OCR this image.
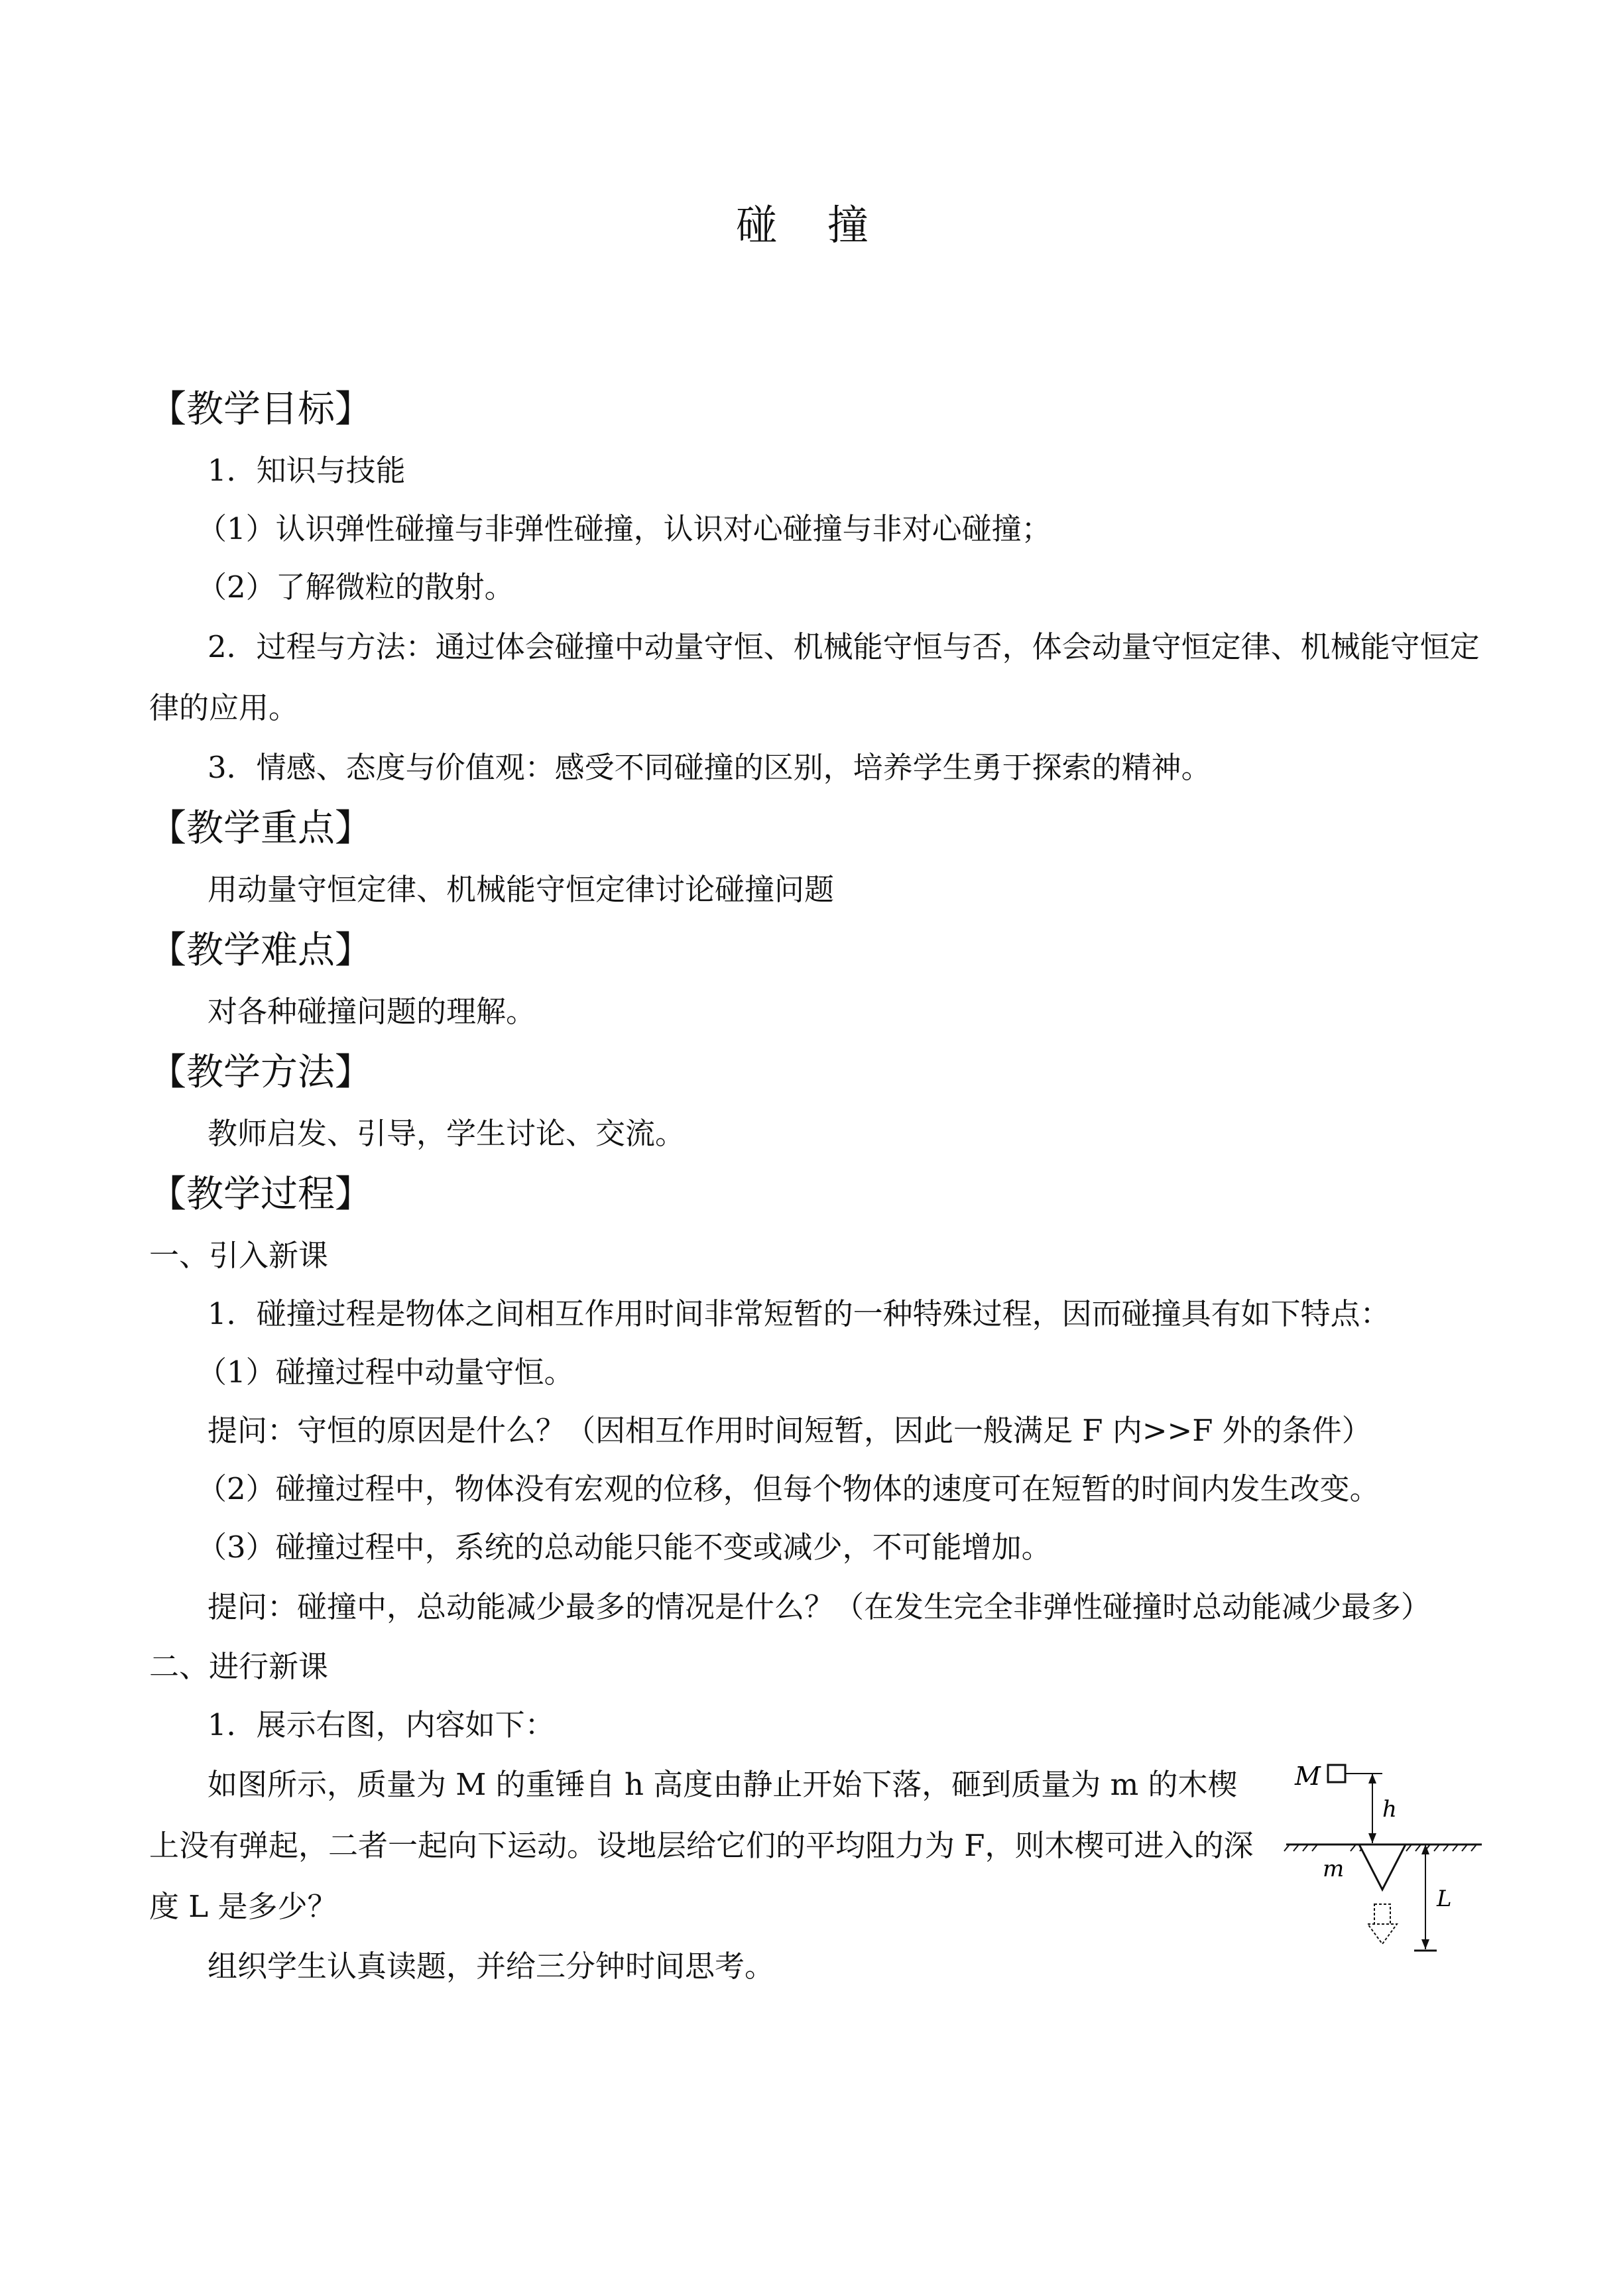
碰 撞
【教学目标】
1．知识与技能
（1）认识弹性碰撞与非弹性碰撞，认识对心碰撞与非对心碰撞；
（2）了解微粒的散射。
2．过程与方法：通过体会碰撞中动量守恒、机械能守恒与否，体会动量守恒定律、机械能守恒定律的应用。
3．情感、态度与价值观：感受不同碰撞的区别，培养学生勇于探索的精神。
【教学重点】
用动量守恒定律、机械能守恒定律讨论碰撞问题
【教学难点】
对各种碰撞问题的理解。
【教学方法】
教师启发、引导，学生讨论、交流。
【教学过程】
一、引入新课
1．碰撞过程是物体之间相互作用时间非常短暂的一种特殊过程，因而碰撞具有如下特点：
（1）碰撞过程中动量守恒。
提问：守恒的原因是什么？（因相互作用时间短暂，因此一般满足 F 内>>F 外的条件）
（2）碰撞过程中，物体没有宏观的位移，但每个物体的速度可在短暂的时间内发生改变。
（3）碰撞过程中，系统的总动能只能不变或减少，不可能增加。
提问：碰撞中，总动能减少最多的情况是什么？（在发生完全非弹性碰撞时总动能减少最多）
二、进行新课
1．展示右图，内容如下：
如图所示，质量为 M 的重锤自 h 高度由静止开始下落，砸到质量为 m 的木楔上没有弹起，二者一起向下运动。设地层给它们的平均阻力为 F，则木楔可进入的深度 L 是多少？
组织学生认真读题，并给三分钟时间思考。
M
h
m
L
